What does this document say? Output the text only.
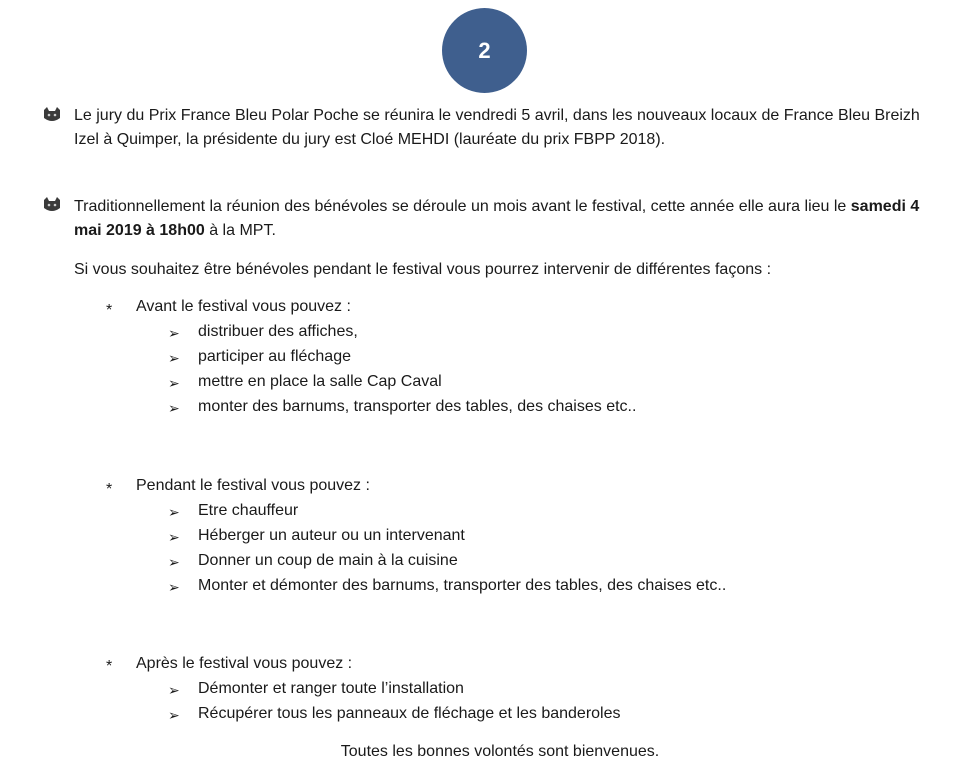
2
Le jury du Prix France Bleu Polar Poche se réunira le vendredi 5 avril, dans les nouveaux locaux de France Bleu Breizh Izel à Quimper, la présidente du jury est Cloé MEHDI (lauréate du prix FBPP 2018).
Traditionnellement la réunion des bénévoles se déroule un mois avant le festival, cette année elle aura lieu le samedi 4 mai 2019 à 18h00 à la MPT.
Si vous souhaitez être bénévoles pendant le festival vous pourrez intervenir de différentes façons :
* Avant le festival vous pouvez :
➢ distribuer des affiches,
➢ participer au fléchage
➢ mettre en place la salle Cap Caval
➢ monter des barnums, transporter des tables, des chaises etc..
* Pendant le festival vous pouvez :
➢ Etre chauffeur
➢ Héberger un auteur ou un intervenant
➢ Donner un coup de main à la cuisine
➢ Monter et démonter des barnums, transporter des tables, des chaises etc..
* Après le festival vous pouvez :
➢ Démonter et ranger toute l’installation
➢ Récupérer tous les panneaux de fléchage et les banderoles
Toutes les bonnes volontés sont bienvenues.
